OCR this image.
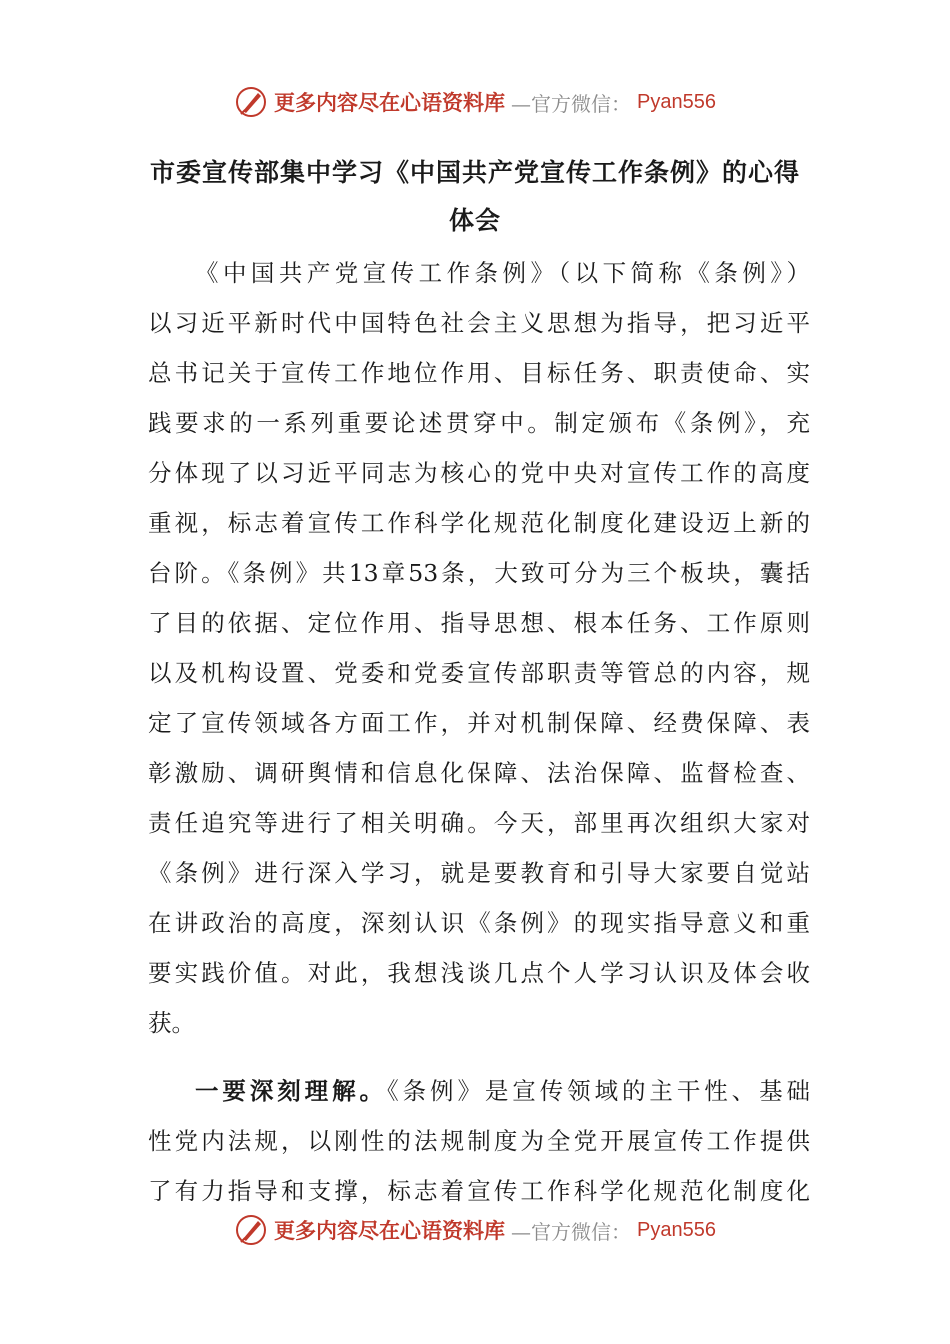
更多内容尽在心语资料库 —官方微信： Pyan556
市委宣传部集中学习《中国共产党宣传工作条例》的心得
体会
《中国共产党宣传工作条例》（以下简称《条例》）
以习近平新时代中国特色社会主义思想为指导，把习近平
总书记关于宣传工作地位作用、目标任务、职责使命、实
践要求的一系列重要论述贯穿中。制定颁布《条例》，充
分体现了以习近平同志为核心的党中央对宣传工作的高度
重视，标志着宣传工作科学化规范化制度化建设迈上新的
台阶。《条例》共13章53条，大致可分为三个板块，囊括
了目的依据、定位作用、指导思想、根本任务、工作原则
以及机构设置、党委和党委宣传部职责等管总的内容，规
定了宣传领域各方面工作，并对机制保障、经费保障、表
彰激励、调研舆情和信息化保障、法治保障、监督检查、
责任追究等进行了相关明确。今天，部里再次组织大家对
《条例》进行深入学习，就是要教育和引导大家要自觉站
在讲政治的高度，深刻认识《条例》的现实指导意义和重
要实践价值。对此，我想浅谈几点个人学习认识及体会收
获。
一要深刻理解。《条例》是宣传领域的主干性、基础
性党内法规，以刚性的法规制度为全党开展宣传工作提供
了有力指导和支撑，标志着宣传工作科学化规范化制度化
更多内容尽在心语资料库 —官方微信： Pyan556
